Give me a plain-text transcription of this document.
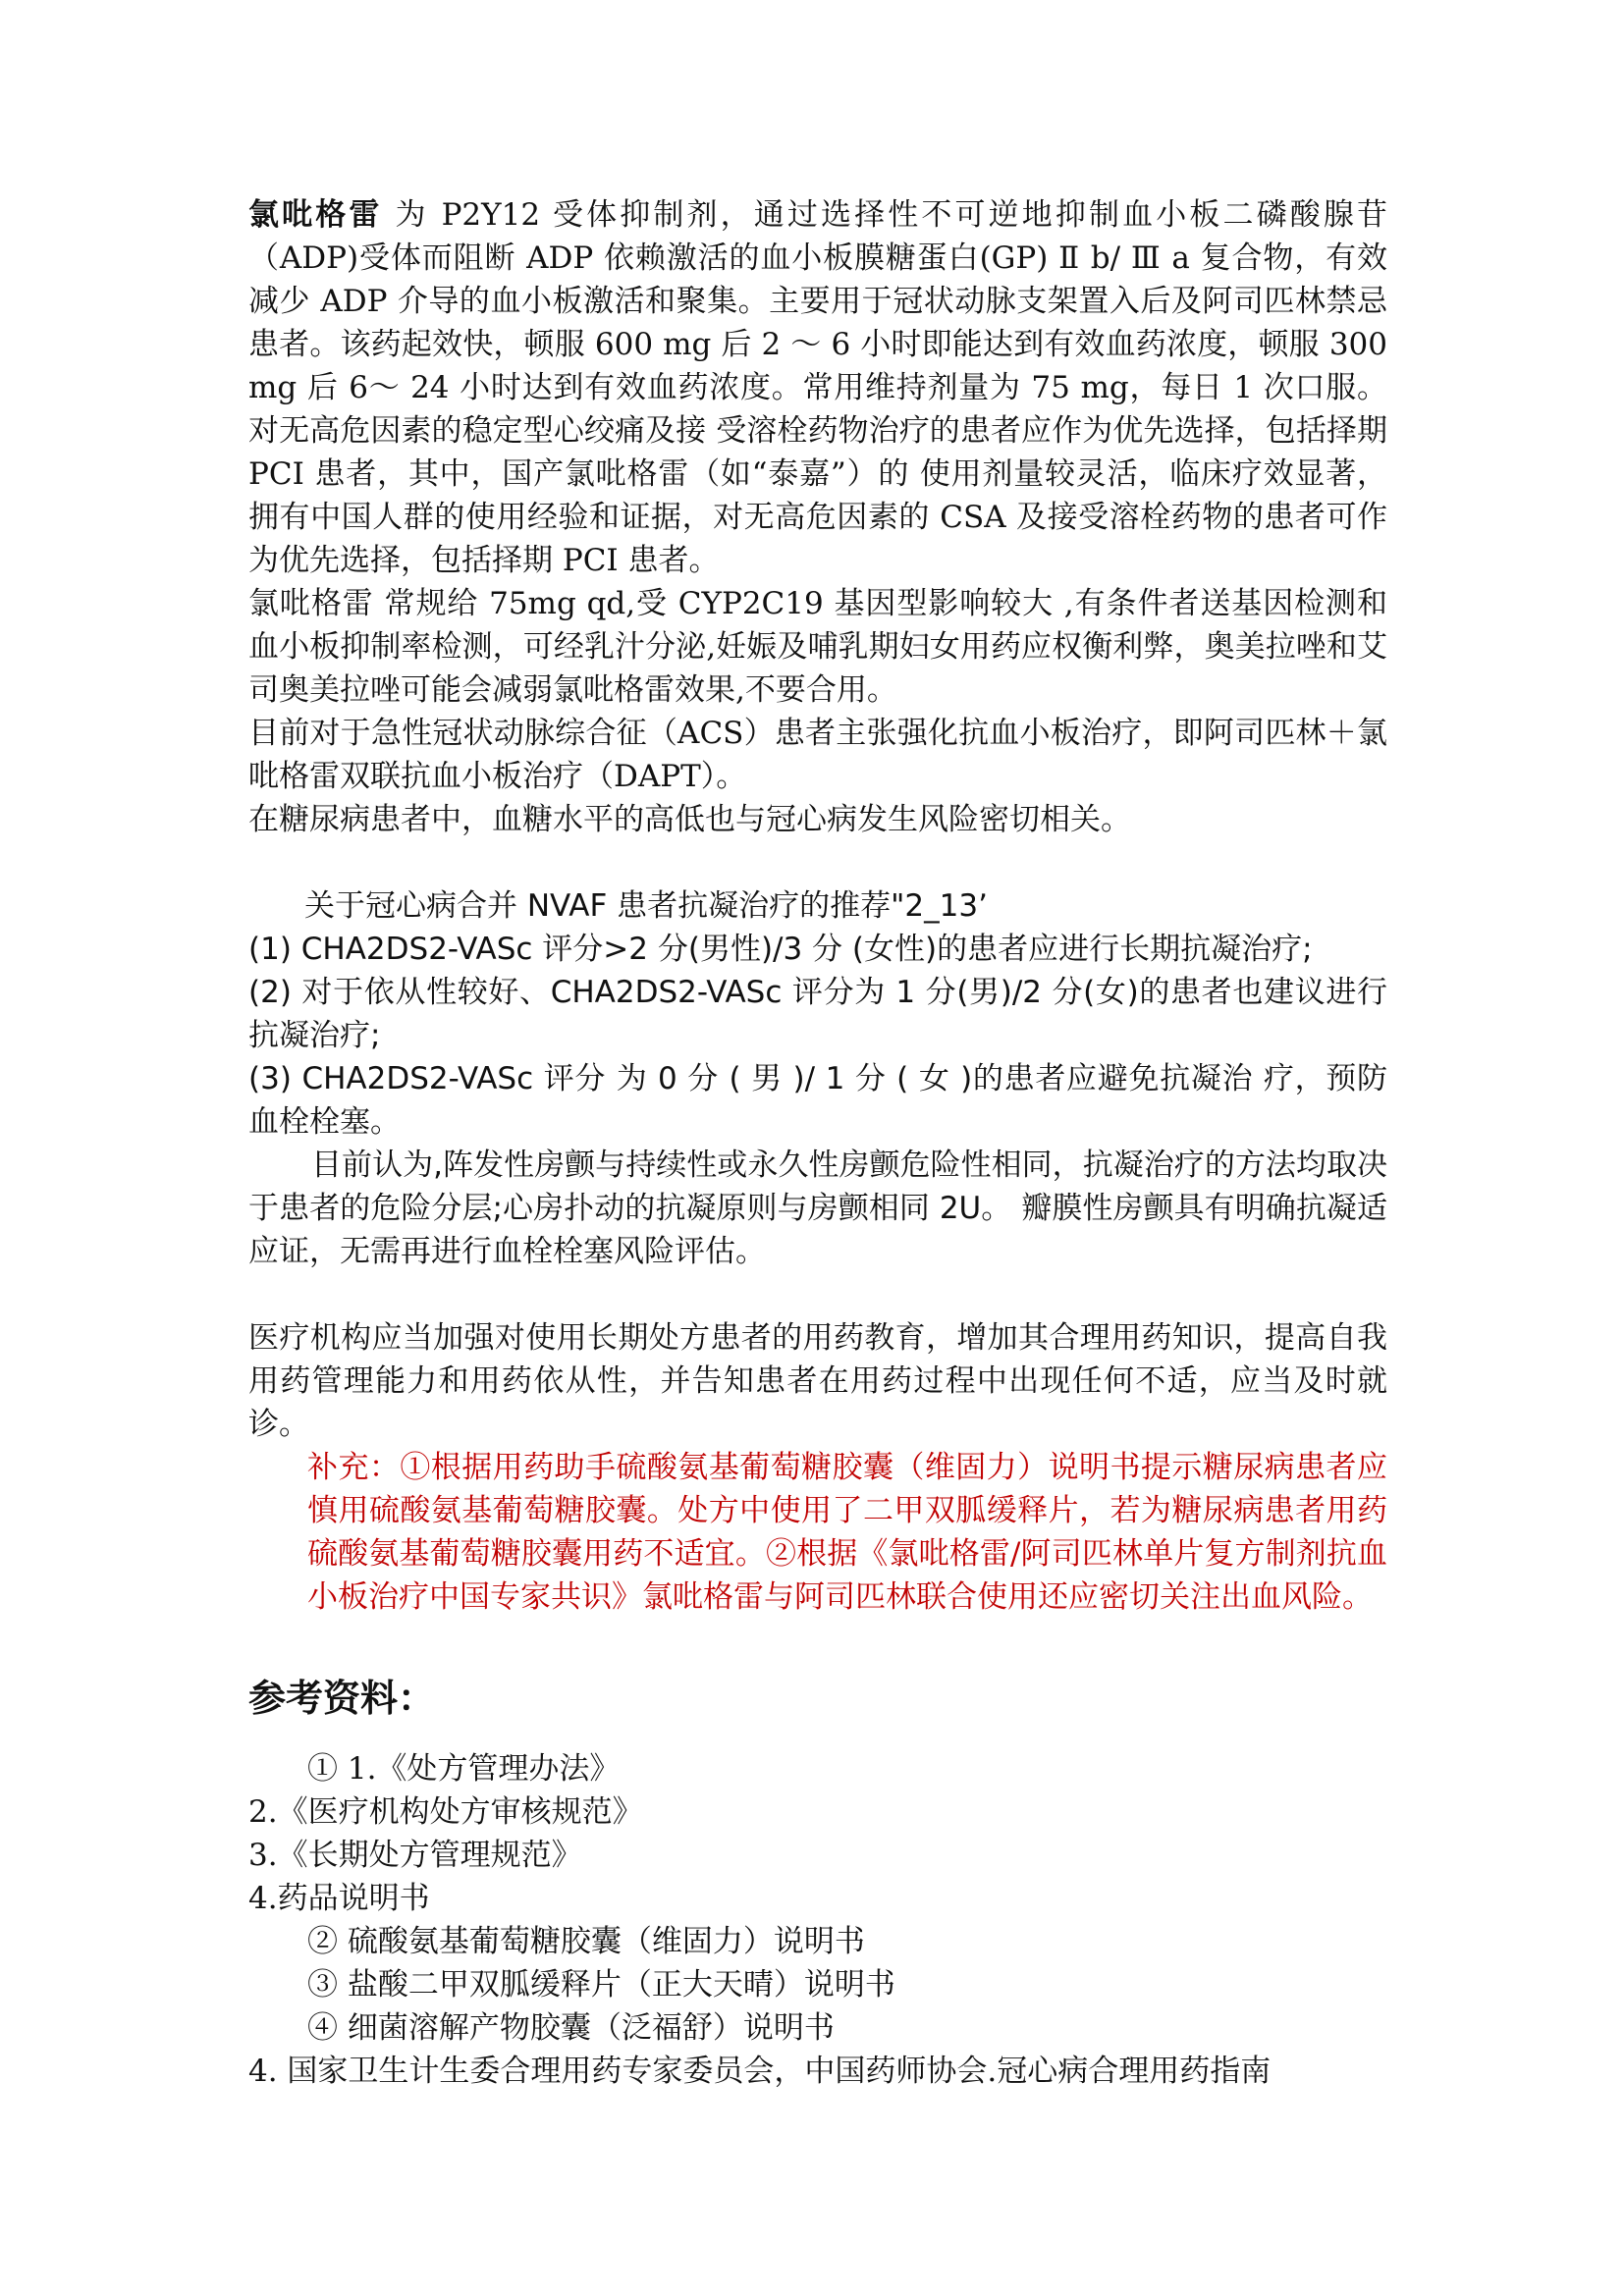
氯吡格雷 为 P2Y12 受体抑制剂，通过选择性不可逆地抑制血小板二磷酸腺苷（ADP)受体而阻断 ADP 依赖激活的血小板膜糖蛋白(GP) Ⅱ b/ Ⅲ a 复合物，有效减少 ADP 介导的血小板激活和聚集。主要用于冠状动脉支架置入后及阿司匹林禁忌患者。该药起效快，顿服 600 mg 后 2 ～ 6 小时即能达到有效血药浓度，顿服 300 mg 后 6～ 24 小时达到有效血药浓度。常用维持剂量为 75 mg，每日 1 次口服。对无高危因素的稳定型心绞痛及接 受溶栓药物治疗的患者应作为优先选择，包括择期 PCI 患者，其中，国产氯吡格雷（如“泰嘉”）的 使用剂量较灵活，临床疗效显著，拥有中国人群的使用经验和证据，对无高危因素的 CSA 及接受溶栓药物的患者可作为优先选择，包括择期 PCI 患者。

氯吡格雷 常规给 75mg qd,受 CYP2C19 基因型影响较大 ,有条件者送基因检测和血小板抑制率检测，可经乳汁分泌,妊娠及哺乳期妇女用药应权衡利弊，奥美拉唑和艾司奥美拉唑可能会减弱氯吡格雷效果,不要合用。

目前对于急性冠状动脉综合征（ACS）患者主张强化抗血小板治疗，即阿司匹林＋氯吡格雷双联抗血小板治疗（DAPT）。

在糖尿病患者中，血糖水平的高低也与冠心病发生风险密切相关。

关于冠心病合并 NVAF 患者抗凝治疗的推荐"2_13’

(1) CHA2DS2-VASc 评分>2 分(男性)/3 分 (女性)的患者应进行长期抗凝治疗;

(2) 对于依从性较好、CHA2DS2-VASc 评分为 1 分(男)/2 分(女)的患者也建议进行抗凝治疗;

(3) CHA2DS2-VASc 评分 为 0 分 ( 男 )/ 1 分 ( 女 )的患者应避免抗凝治 疗，预防血栓栓塞。

目前认为,阵发性房颤与持续性或永久性房颤危险性相同，抗凝治疗的方法均取决于患者的危险分层;心房扑动的抗凝原则与房颤相同 2U。 瓣膜性房颤具有明确抗凝适应证，无需再进行血栓栓塞风险评估。

医疗机构应当加强对使用长期处方患者的用药教育，增加其合理用药知识，提高自我用药管理能力和用药依从性，并告知患者在用药过程中出现任何不适，应当及时就诊。

补充：①根据用药助手硫酸氨基葡萄糖胶囊（维固力）说明书提示糖尿病患者应慎用硫酸氨基葡萄糖胶囊。处方中使用了二甲双胍缓释片，若为糖尿病患者用药硫酸氨基葡萄糖胶囊用药不适宜。②根据《氯吡格雷/阿司匹林单片复方制剂抗血小板治疗中国专家共识》氯吡格雷与阿司匹林联合使用还应密切关注出血风险。

参考资料：

① 1.《处方管理办法》

2.《医疗机构处方审核规范》

3.《长期处方管理规范》

4.药品说明书

② 硫酸氨基葡萄糖胶囊（维固力）说明书

③ 盐酸二甲双胍缓释片（正大天晴）说明书

④ 细菌溶解产物胶囊（泛福舒）说明书

4. 国家卫生计生委合理用药专家委员会，中国药师协会.冠心病合理用药指南
